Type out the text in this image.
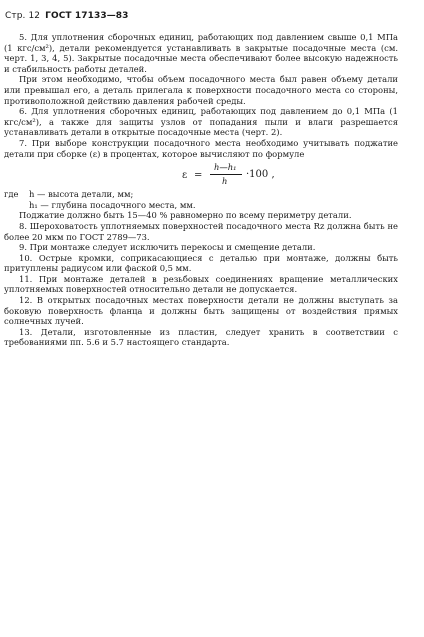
Стр. 12 ГОСТ 17133—83

5. Для уплотнения сборочных единиц, работающих под давлением свыше 0,1 МПа (1 кгс/см²), детали рекомендуется устанавливать в закрытые посадочные места (см. черт. 1, 3, 4, 5). Закрытые посадочные места обеспечивают более высокую надежность и стабильность работы деталей.

При этом необходимо, чтобы объем посадочного места был равен объему детали или превышал его, а деталь прилегала к поверхности посадочного места со стороны, противоположной действию давления рабочей среды.

6. Для уплотнения сборочных единиц, работающих под давлением до 0,1 МПа (1 кгс/см²), а также для защиты узлов от попадания пыли и влаги разрешается устанавливать детали в открытые посадочные места (черт. 2).

7. При выборе конструкции посадочного места необходимо учитывать поджатие детали при сборке (ε) в процентах, которое вычисляют по формуле

ε =
h—h₁
h
·100 ,
где	h — высота детали, мм;
h₁ — глубина посадочного места, мм.

Поджатие должно быть 15—40 % равномерно по всему периметру детали.

8. Шероховатость уплотняемых поверхностей посадочного места Rz должна быть не более 20 мкм по ГОСТ 2789—73.

9. При монтаже следует исключить перекосы и смещение детали.

10. Острые кромки, соприкасающиеся с деталью при монтаже, должны быть притуплены радиусом или фаской 0,5 мм.

11. При монтаже деталей в резьбовых соединениях вращение металлических уплотняемых поверхностей относительно детали не допускается.

12. В открытых посадочных местах поверхности детали не должны выступать за боковую поверхность фланца и должны быть защищены от воздействия прямых солнечных лучей.

13. Детали, изготовленные из пластин, следует хранить в соответствии с требованиями пп. 5.6 и 5.7 настоящего стандарта.
